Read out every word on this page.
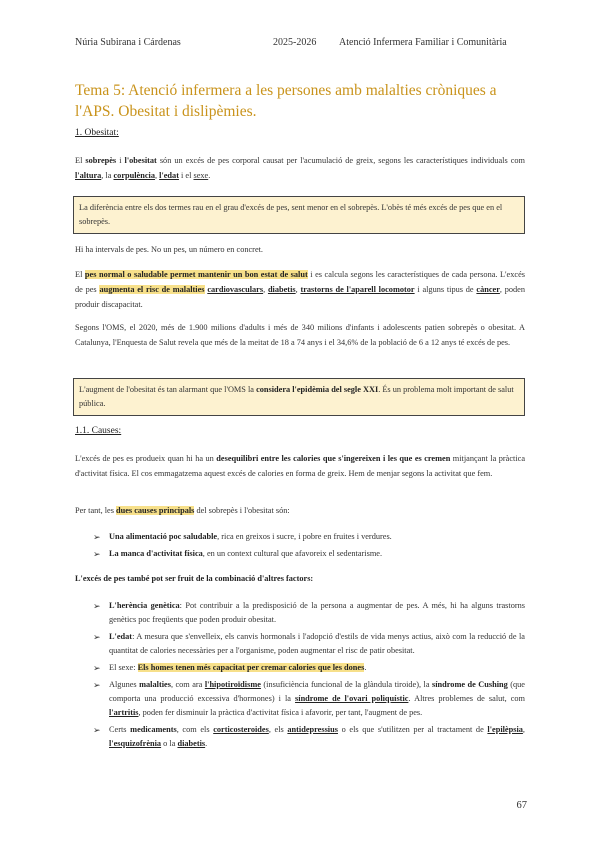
Núria Subirana i Cárdenas	2025-2026 Atenció Infermera Familiar i Comunitària
Tema 5: Atenció infermera a les persones amb malalties cròniques a l'APS. Obesitat i dislipèmies.
1. Obesitat:
El sobrepès i l'obesitat són un excés de pes corporal causat per l'acumulació de greix, segons les característiques individuals com l'altura, la corpulència, l'edat i el sexe.
La diferència entre els dos termes rau en el grau d'excés de pes, sent menor en el sobrepès. L'obès té més excés de pes que en el sobrepès.
Hi ha intervals de pes. No un pes, un número en concret.
El pes normal o saludable permet mantenir un bon estat de salut i es calcula segons les característiques de cada persona. L'excés de pes augmenta el risc de malalties cardiovasculars, diabetis, trastorns de l'aparell locomotor i alguns tipus de càncer, poden produir discapacitat.
Segons l'OMS, el 2020, més de 1.900 milions d'adults i més de 340 milions d'infants i adolescents patien sobrepès o obesitat. A Catalunya, l'Enquesta de Salut revela que més de la meitat de 18 a 74 anys i el 34,6% de la població de 6 a 12 anys té excés de pes.
L'augment de l'obesitat és tan alarmant que l'OMS la considera l'epidèmia del segle XXI. És un problema molt important de salut pública.
1.1. Causes:
L'excés de pes es produeix quan hi ha un desequilibri entre les calories que s'ingereixen i les que es cremen mitjançant la pràctica d'activitat física. El cos emmagatzema aquest excés de calories en forma de greix. Hem de menjar segons la activitat que fem.
Per tant, les dues causes principals del sobrepès i l'obesitat són:
➢ Una alimentació poc saludable, rica en greixos i sucre, i pobre en fruites i verdures.
➢ La manca d'activitat física, en un context cultural que afavoreix el sedentarisme.
L'excés de pes també pot ser fruit de la combinació d'altres factors:
➢ L'herència genètica: Pot contribuir a la predisposició de la persona a augmentar de pes. A més, hi ha alguns trastorns genètics poc freqüents que poden produir obesitat.
➢ L'edat: A mesura que s'envelleix, els canvis hormonals i l'adopció d'estils de vida menys actius, això com la reducció de la quantitat de calories necessàries per a l'organisme, poden augmentar el risc de patir obesitat.
➢ El sexe: Els homes tenen més capacitat per cremar calories que les dones.
➢ Algunes malalties, com ara l'hipotiroïdisme (insuficiència funcional de la glàndula tiroide), la síndrome de Cushing (que comporta una producció excessiva d'hormones) i la síndrome de l'ovari poliquístic. Altres problemes de salut, com l'artritis, poden fer disminuir la pràctica d'activitat física i afavorir, per tant, l'augment de pes.
➢ Certs medicaments, com els corticosteroides, els antidepressius o els que s'utilitzen per al tractament de l'epilèpsia, l'esquizofrènia o la diabetis.
67
